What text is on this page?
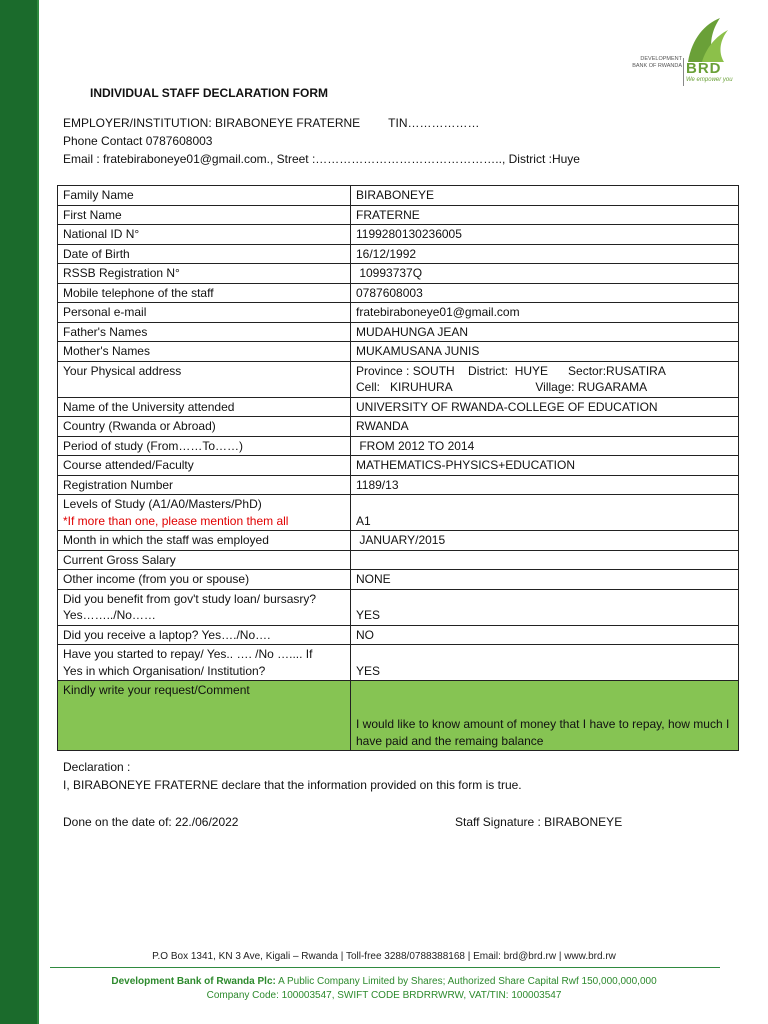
DEVELOPMENT
BANK OF RWANDA BRD
We empower you
INDIVIDUAL STAFF DECLARATION FORM
EMPLOYER/INSTITUTION: BIRABONEYE FRATERNE TIN………………
Phone Contact 0787608003
Email : fratebiraboneye01@gmail.com., Street :……………………………………….., District :Huye
Family Name	BIRABONEYE

First Name	FRATERNE

National ID N°	1199280130236005

Date of Birth	16/12/1992

RSSB Registration N°	10993737Q

Mobile telephone of the staff	0787608003

Personal e-mail	fratebiraboneye01@gmail.com

Father's Names	MUDAHUNGA JEAN

Mother's Names	MUKAMUSANA JUNIS

Your Physical address	Province : SOUTH    District:  HUYE      Sector:RUSATIRA
Cell:   KIRUHURA                         Village: RUGARAMA

Name of the University attended	UNIVERSITY OF RWANDA-COLLEGE OF EDUCATION

Country (Rwanda or Abroad)	RWANDA

Period of study (From……To……)	FROM 2012 TO 2014

Course attended/Faculty	MATHEMATICS-PHYSICS+EDUCATION

Registration Number	1189/13

Levels of Study (A1/A0/Masters/PhD)
*If more than one, please mention them all	A1

Month in which the staff was employed	JANUARY/2015

Current Gross Salary	

Other income (from you or spouse)	NONE

Did you benefit from gov't study loan/ bursasry?
Yes……../No……	YES

Did you receive a laptop? Yes…./No….	NO

Have you started to repay/ Yes.. …. /No ….... If
Yes in which Organisation/ Institution?	YES

Kindly write your request/Comment	I would like to know amount of money that I have to repay, how much I have paid and the remaing balance
Declaration :
I, BIRABONEYE FRATERNE declare that the information provided on this form is true.
Done on the date of: 22./06/2022	Staff Signature : BIRABONEYE
P.O Box 1341, KN 3 Ave, Kigali – Rwanda | Toll-free 3288/0788388168 | Email: brd@brd.rw | www.brd.rw
Development Bank of Rwanda Plc: A Public Company Limited by Shares; Authorized Share Capital Rwf 150,000,000,000
Company Code: 100003547, SWIFT CODE BRDRRWRW, VAT/TIN: 100003547
